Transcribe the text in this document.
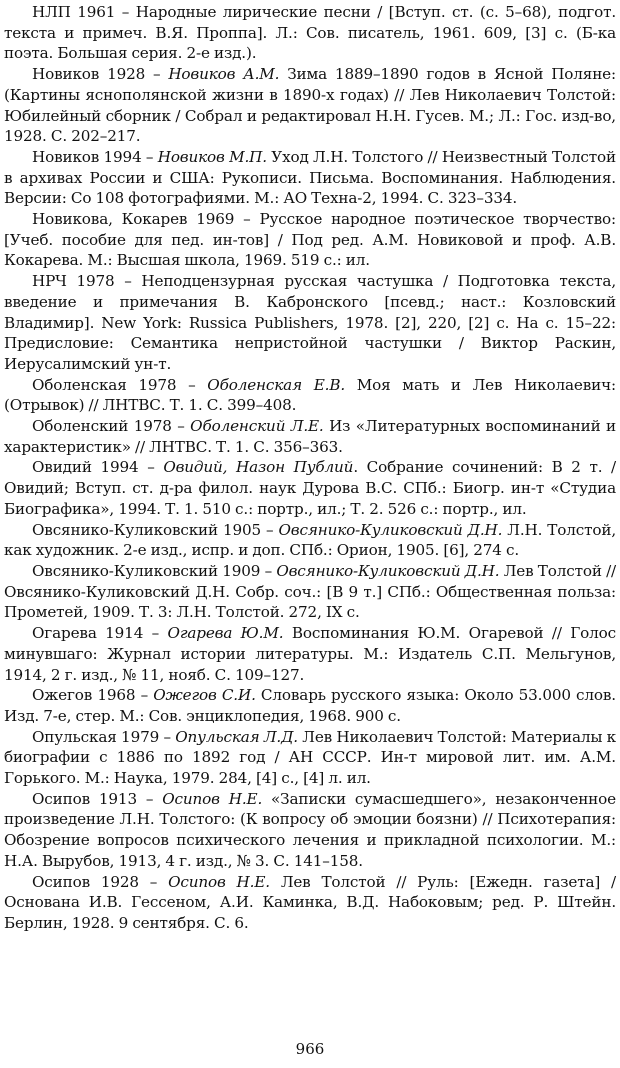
НЛП 1961 – Народные лирические песни / [Вступ. ст. (с. 5–68), подгот. текста и примеч. В.Я. Проппа]. Л.: Сов. писатель, 1961. 609, [3] с. (Б-ка поэта. Большая серия. 2-е изд.).

Новиков 1928 – Новиков А.М. Зима 1889–1890 годов в Ясной Поляне: (Картины яснополянской жизни в 1890-х годах) // Лев Николаевич Толстой: Юбилейный сборник / Собрал и редактировал Н.Н. Гусев. М.; Л.: Гос. изд-во, 1928. С. 202–217.

Новиков 1994 – Новиков М.П. Уход Л.Н. Толстого // Неизвестный Толстой в архивах России и США: Рукописи. Письма. Воспоминания. Наблюдения. Версии: Со 108 фотографиями. М.: АО Техна-2, 1994. С. 323–334.

Новикова, Кокарев 1969 – Русское народное поэтическое творчество: [Учеб. пособие для пед. ин-тов] / Под ред. А.М. Новиковой и проф. А.В. Кокарева. М.: Высшая школа, 1969. 519 с.: ил.

НРЧ 1978 – Неподцензурная русская частушка / Подготовка текста, введение и примечания В. Кабронского [псевд.; наст.: Козловский Владимир]. New York: Russica Publishers, 1978. [2], 220, [2] с. На с. 15–22: Предисловие: Семантика непристойной частушки / Виктор Раскин, Иерусалимский ун-т.

Оболенская 1978 – Оболенская Е.В. Моя мать и Лев Николаевич: (Отрывок) // ЛНТВС. Т. 1. С. 399–408.

Оболенский 1978 – Оболенский Л.Е. Из «Литературных воспоминаний и характеристик» // ЛНТВС. Т. 1. С. 356–363.

Овидий 1994 – Овидий, Назон Публий. Собрание сочинений: В 2 т. / Овидий; Вступ. ст. д-ра филол. наук Дурова В.С. СПб.: Биогр. ин-т «Студиа Биографика», 1994. Т. 1. 510 с.: портр., ил.; Т. 2. 526 с.: портр., ил.

Овсянико-Куликовский 1905 – Овсянико-Куликовский Д.Н. Л.Н. Толстой, как художник. 2-е изд., испр. и доп. СПб.: Орион, 1905. [6], 274 с.

Овсянико-Куликовский 1909 – Овсянико-Куликовский Д.Н. Лев Толстой // Овсянико-Куликовский Д.Н. Собр. соч.: [В 9 т.] СПб.: Общественная польза: Прометей, 1909. Т. 3: Л.Н. Толстой. 272, IX с.

Огарева 1914 – Огарева Ю.М. Воспоминания Ю.М. Огаревой // Голос минувшаго: Журнал истории литературы. М.: Издатель С.П. Мельгунов, 1914, 2 г. изд., № 11, нояб. С. 109–127.

Ожегов 1968 – Ожегов С.И. Словарь русского языка: Около 53.000 слов. Изд. 7-е, стер. М.: Сов. энциклопедия, 1968. 900 с.

Опульская 1979 – Опульская Л.Д. Лев Николаевич Толстой: Материалы к биографии с 1886 по 1892 год / АН СССР. Ин-т мировой лит. им. А.М. Горького. М.: Наука, 1979. 284, [4] с., [4] л. ил.

Осипов 1913 – Осипов Н.Е. «Записки сумасшедшего», незаконченное произведение Л.Н. Толстого: (К вопросу об эмоции боязни) // Психотерапия: Обозрение вопросов психического лечения и прикладной психологии. М.: Н.А. Вырубов, 1913, 4 г. изд., № 3. С. 141–158.

Осипов 1928 – Осипов Н.Е. Лев Толстой // Руль: [Ежедн. газета] / Основана И.В. Гессеном, А.И. Каминка, В.Д. Набоковым; ред. Р. Штейн. Берлин, 1928. 9 сентября. С. 6.

966
